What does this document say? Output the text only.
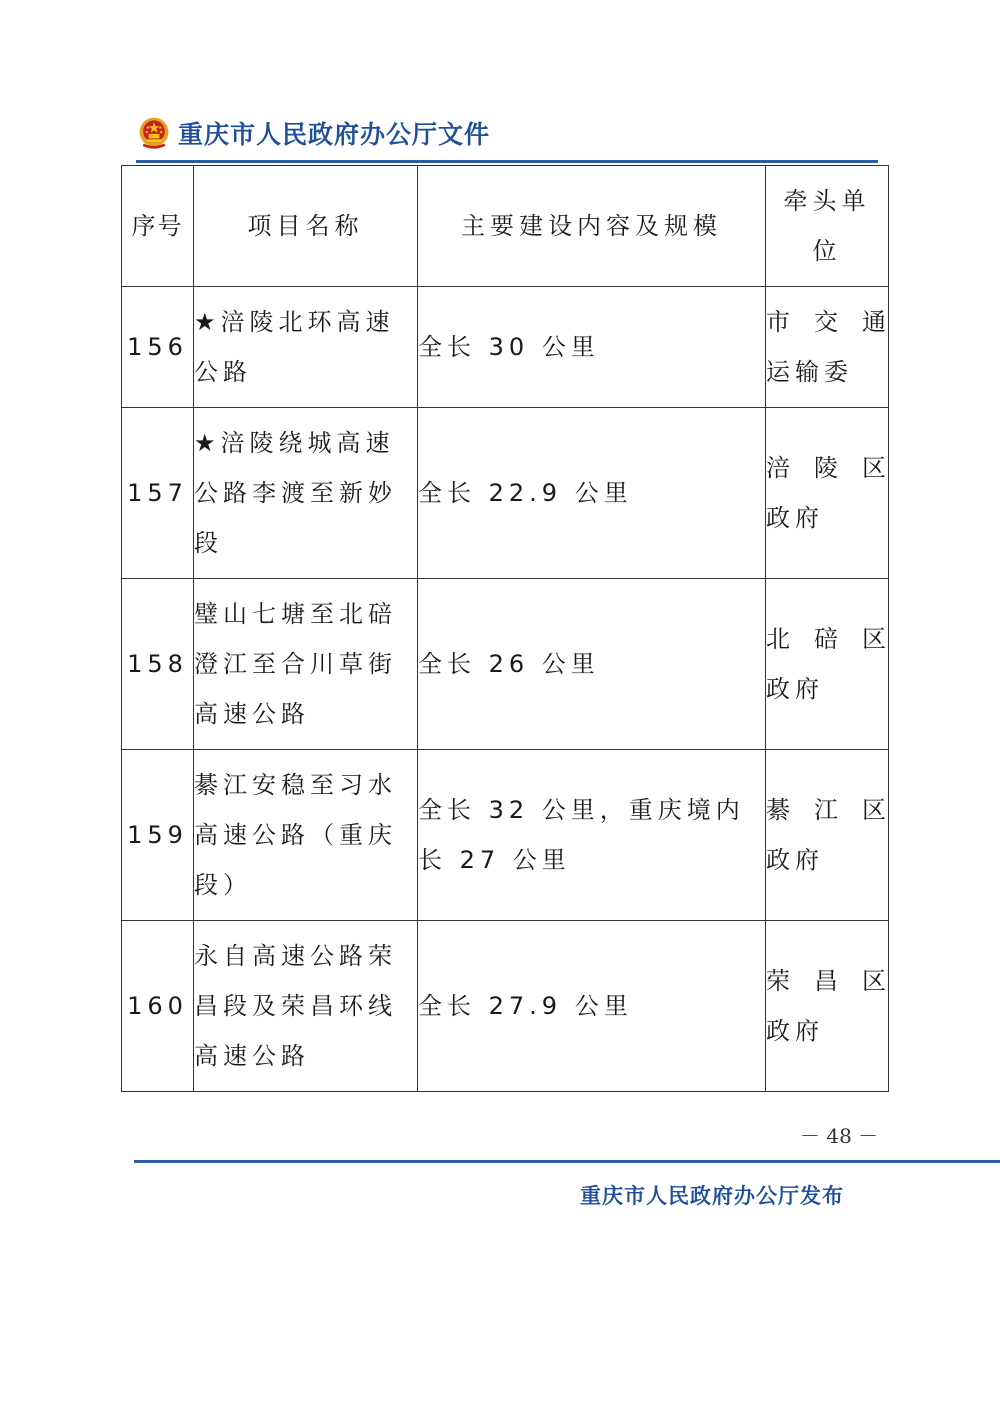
重庆市人民政府办公厅文件
序号	项目名称	主要建设内容及规模	牵头单
位

156	★涪陵北环高速公路	全长 30 公里	市交通
运输委

157	★涪陵绕城高速公路李渡至新妙段	全长 22.9 公里	涪陵区
政府

158	璧山七塘至北碚澄江至合川草街高速公路	全长 26 公里	北碚区
政府

159	綦江安稳至习水高速公路（重庆段）	全长 32 公里，重庆境内长 27 公里	綦江区
政府

160	永自高速公路荣昌段及荣昌环线高速公路	全长 27.9 公里	荣昌区
政府
－ 48 －
重庆市人民政府办公厅发布
